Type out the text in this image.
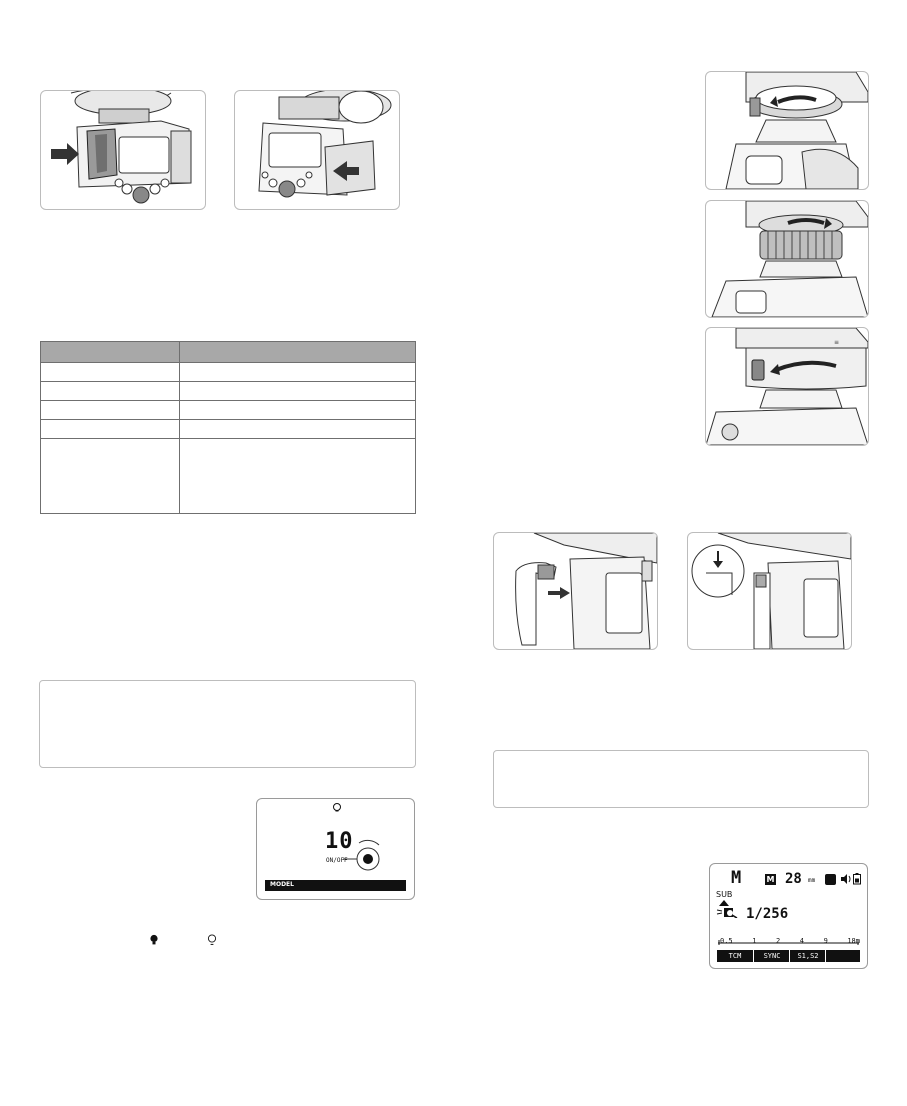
10
ON/OFF
MODEL
≡
M	M 28 mm
SUB
1/256
0.5	1	2	4	9	18m
TCM	SYNC	S1,S2
